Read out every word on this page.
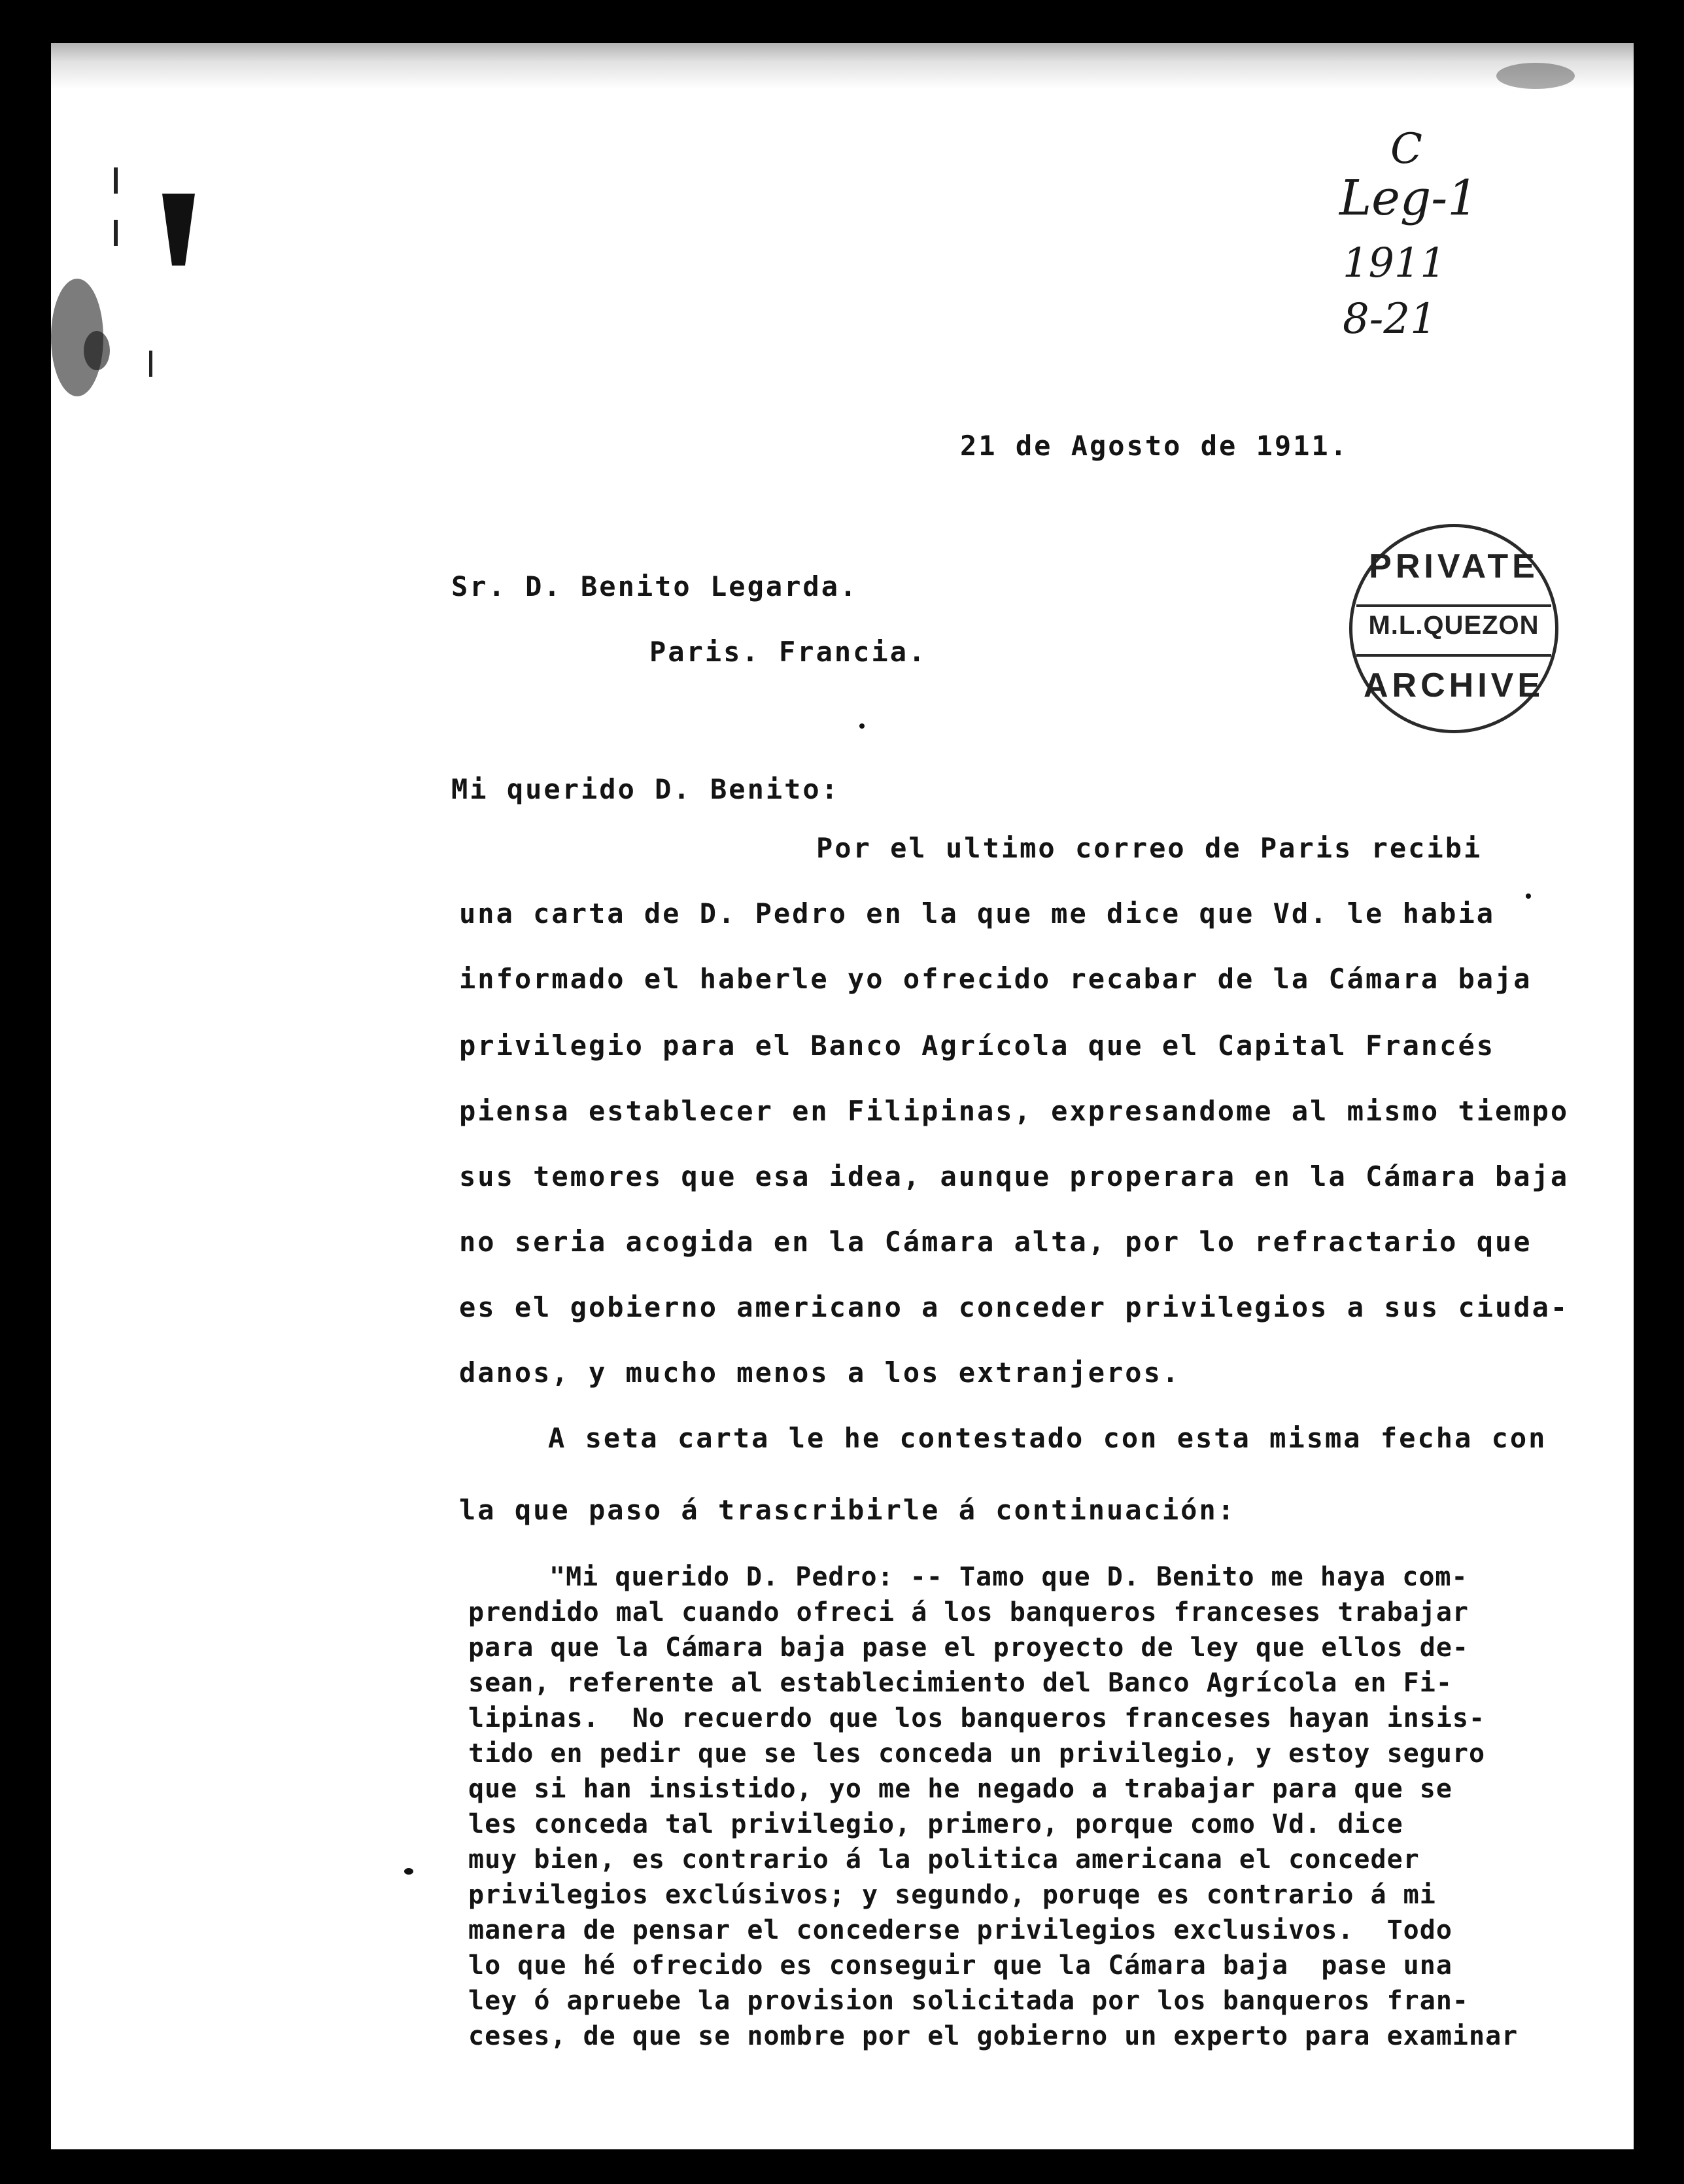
C
Leg-1
1911
8-21
PRIVATE
M.L.QUEZON
ARCHIVE
21 de Agosto de 1911.
Sr. D. Benito Legarda.
Paris. Francia.
Mi querido D. Benito:
Por el ultimo correo de Paris recibi
una carta de D. Pedro en la que me dice que Vd. le habia
informado el haberle yo ofrecido recabar de la Cámara baja
privilegio para el Banco Agrícola que el Capital Francés
piensa establecer en Filipinas, expresandome al mismo tiempo
sus temores que esa idea, aunque properara en la Cámara baja
no seria acogida en la Cámara alta, por lo refractario que
es el gobierno americano a conceder privilegios a sus ciuda-
danos, y mucho menos a los extranjeros.
A seta carta le he contestado con esta misma fecha con
la que paso á trascribirle á continuación:
"Mi querido D. Pedro: -- Tamo que D. Benito me haya com-
prendido mal cuando ofreci á los banqueros franceses trabajar
para que la Cámara baja pase el proyecto de ley que ellos de-
sean, referente al establecimiento del Banco Agrícola en Fi-
lipinas.  No recuerdo que los banqueros franceses hayan insis-
tido en pedir que se les conceda un privilegio, y estoy seguro
que si han insistido, yo me he negado a trabajar para que se
les conceda tal privilegio, primero, porque como Vd. dice
muy bien, es contrario á la politica americana el conceder
privilegios exclúsivos; y segundo, poruqe es contrario á mi
manera de pensar el concederse privilegios exclusivos.  Todo
lo que hé ofrecido es conseguir que la Cámara baja  pase una
ley ó apruebe la provision solicitada por los banqueros fran-
ceses, de que se nombre por el gobierno un experto para examinar
